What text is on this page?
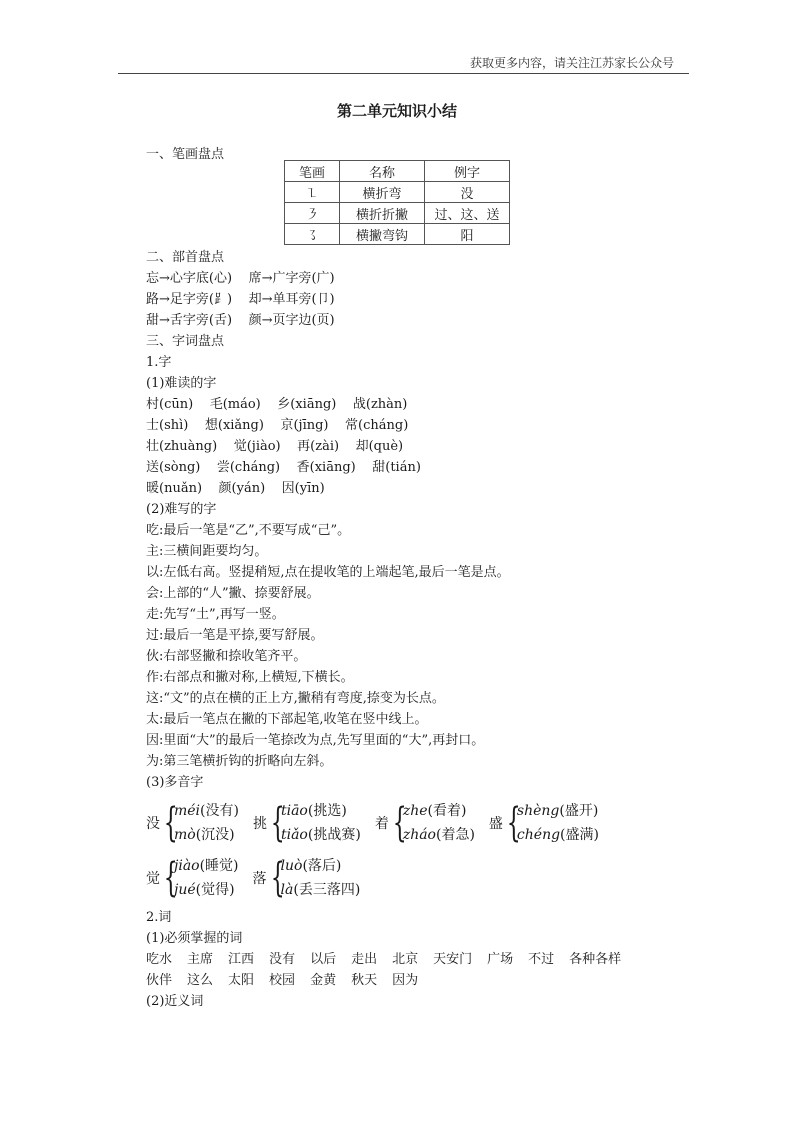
获取更多内容，请关注江苏家长公众号
第二单元知识小结
一、笔画盘点
笔画	名称	例字
㇅	横折弯	没
㇋	横折折撇	过、这、送
㇌	横撇弯钩	阳
二、部首盘点
忘→心字底(心)    席→广字旁(广)
路→足字旁(⻊)    却→单耳旁(卩)
甜→舌字旁(舌)    颜→页字边(页)
三、字词盘点
1.字
(1)难读的字
村(cūn)    毛(máo)    乡(xiāng)    战(zhàn)
士(shì)    想(xiǎng)    京(jīng)    常(cháng)
壮(zhuàng)    觉(jiào)    再(zài)    却(què)
送(sòng)    尝(cháng)    香(xiāng)    甜(tián)
暖(nuǎn)    颜(yán)    因(yīn)
(2)难写的字
吃:最后一笔是“乙”,不要写成“己”。
主:三横间距要均匀。
以:左低右高。竖提稍短,点在提收笔的上端起笔,最后一笔是点。
会:上部的“人”撇、捺要舒展。
走:先写“土”,再写一竖。
过:最后一笔是平捺,要写舒展。
伙:右部竖撇和捺收笔齐平。
作:右部点和撇对称,上横短,下横长。
这:“文”的点在横的正上方,撇稍有弯度,捺变为长点。
太:最后一笔点在撇的下部起笔,收笔在竖中线上。
因:里面“大”的最后一笔捺改为点,先写里面的“大”,再封口。
为:第三笔横折钩的折略向左斜。
(3)多音字
没 {
méi(没有)
mò(沉没)
挑 {
tiāo(挑选)
tiǎo(挑战赛)
着 {
zhe(看着)
zháo(着急)
盛 {
shèng(盛开)
chéng(盛满)
觉 {
jiào(睡觉)
jué(觉得)
落 {
luò(落后)
là(丢三落四)
2.词
(1)必须掌握的词
吃水 主席 江西 没有 以后 走出 北京 天安门 广场 不过 各种各样
伙伴 这么 太阳 校园 金黄 秋天 因为
(2)近义词
